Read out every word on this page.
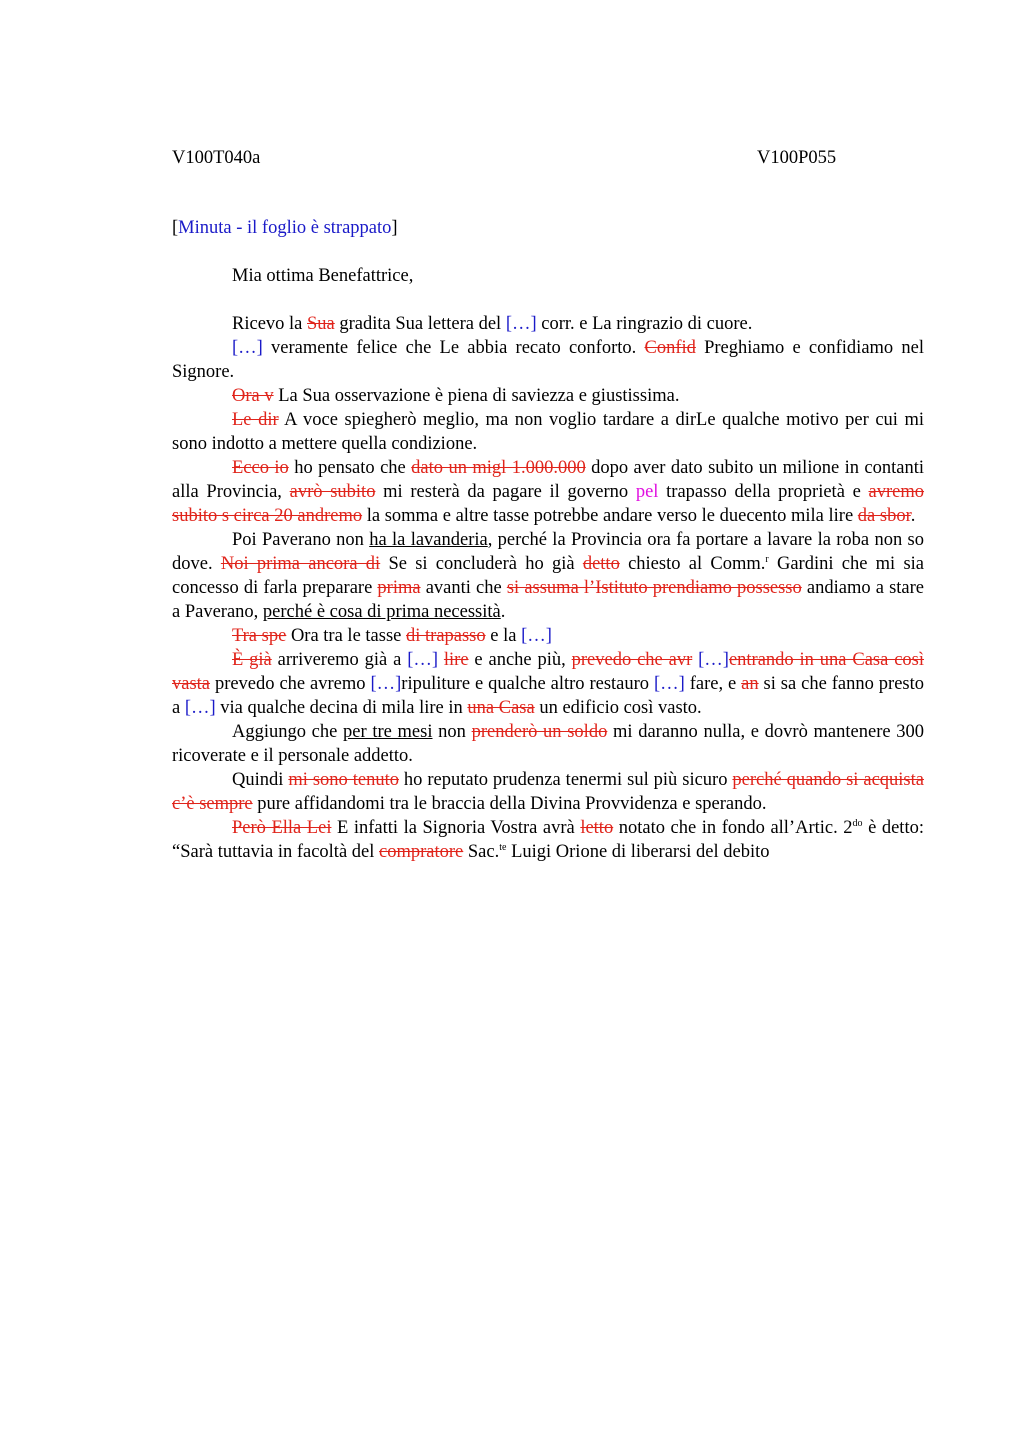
V100T040a	V100P055

[Minuta - il foglio è strappato]

Mia ottima Benefattrice,

Ricevo la Sua gradita Sua lettera del […] corr. e La ringrazio di cuore.

[…] veramente felice che Le abbia recato conforto. Confid Preghiamo e confidiamo nel Signore.

Ora v La Sua osservazione è piena di saviezza e giustissima.

Le dir A voce spiegherò meglio, ma non voglio tardare a dirLe qualche motivo per cui mi sono indotto a mettere quella condizione.

Ecco io ho pensato che dato un migl 1.000.000 dopo aver dato subito un milione in contanti alla Provincia, avrò subito mi resterà da pagare il governo pel trapasso della proprietà e avremo subito s circa 20 andremo la somma e altre tasse potrebbe andare verso le duecento mila lire da sbor.

Poi Paverano non ha la lavanderia, perché la Provincia ora fa portare a lavare la roba non so dove. Noi prima ancora di Se si concluderà ho già detto chiesto al Comm.$^r$ Gardini che mi sia concesso di farla preparare prima avanti che si assuma l’Istituto prendiamo possesso andiamo a stare a Paverano, perché è cosa di prima necessità.

Tra spe Ora tra le tasse di trapasso e la […]

È già arriveremo già a […] lire e anche più, prevedo che avr […]entrando in una Casa così vasta prevedo che avremo […]ripuliture e qualche altro restauro […] fare, e an si sa che fanno presto a […] via qualche decina di mila lire in una Casa un edificio così vasto.

Aggiungo che per tre mesi non prenderò un soldo mi daranno nulla, e dovrò mantenere 300 ricoverate e il personale addetto.

Quindi mi sono tenuto ho reputato prudenza tenermi sul più sicuro perché quando si acquista c’è sempre pure affidandomi tra le braccia della Divina Provvidenza e sperando.

Però Ella Lei E infatti la Signoria Vostra avrà letto notato che in fondo all’Artic. $2^{do}$ è detto: “Sarà tuttavia in facoltà del compratore Sac.$^{te}$ Luigi Orione di liberarsi del debito
